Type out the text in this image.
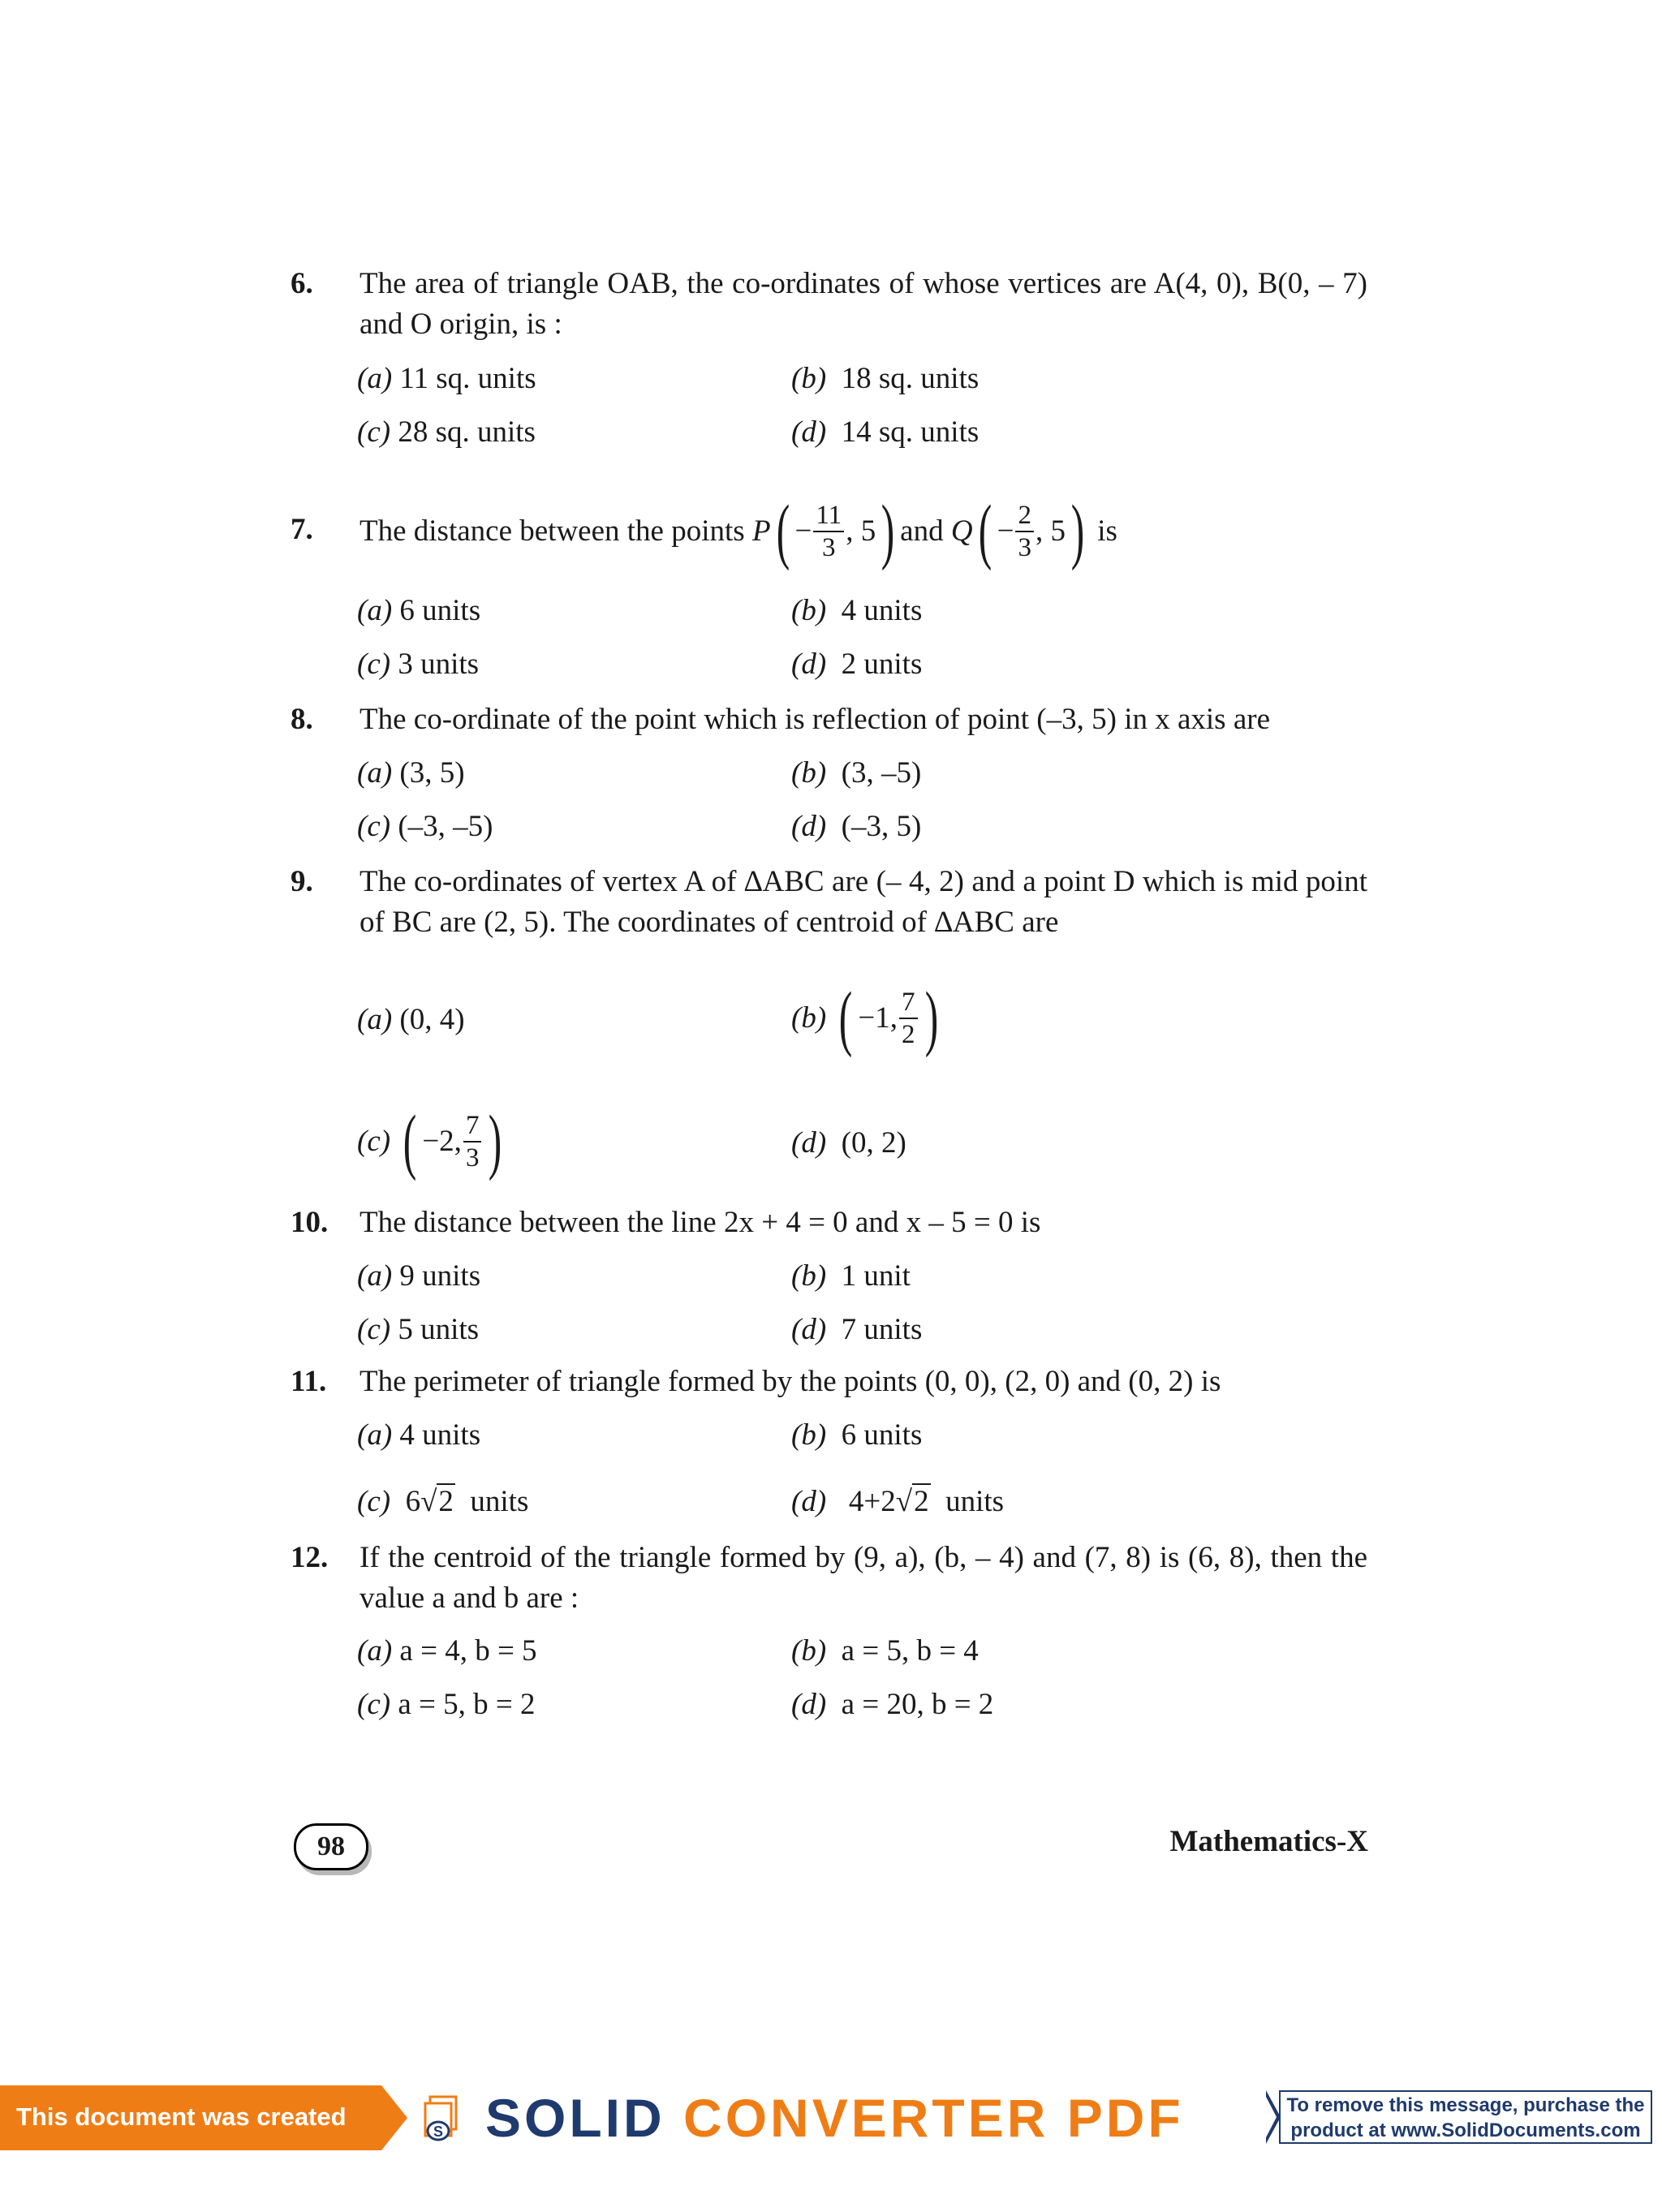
6. The area of triangle OAB, the co-ordinates of whose vertices are A(4, 0), B(0, – 7) and O origin, is :
(a) 11 sq. units	(b) 18 sq. units
(c) 28 sq. units	(d) 14 sq. units
7. The distance between the points
P ( − $\frac{11}{3}$ ,
5 ) and
Q ( − $\frac{2}{3}$ ,
5 )
is
(a) 6 units	(b) 4 units
(c) 3 units	(d) 2 units
8. The co-ordinate of the point which is reflection of point (–3, 5) in x axis are
(a) (3, 5)	(b) (3, –5)
(c) (–3, –5)	(d) (–3, 5)
9. The co-ordinates of vertex A of ∆ABC are (– 4, 2) and a point D which is mid point of BC are (2, 5). The coordinates of centroid of ∆ABC are
(a) (0, 4)	(b)
( −1, $\frac{7}{2}$ )
(c)
( −2, $\frac{7}{3}$ )	(d) (0, 2)
10. The distance between the line 2x + 4 = 0 and x – 5 = 0 is
(a) 9 units	(b) 1 unit
(c) 5 units	(d) 7 units
11. The perimeter of triangle formed by the points (0, 0), (2, 0) and (0, 2) is
(a) 4 units	(b) 6 units
(c) 6√2 units	(d) 4+2√2 units
12. If the centroid of the triangle formed by (9, a), (b, – 4) and (7, 8) is (6, 8), then the value a and b are :
(a) a = 4, b = 5	(b) a = 5, b = 4
(c) a = 5, b = 2	(d) a = 20, b = 2
98	Mathematics-X
This document was created using
S SOLID CONVERTER PDF	To remove this message, purchase the
product at www.SolidDocuments.com
